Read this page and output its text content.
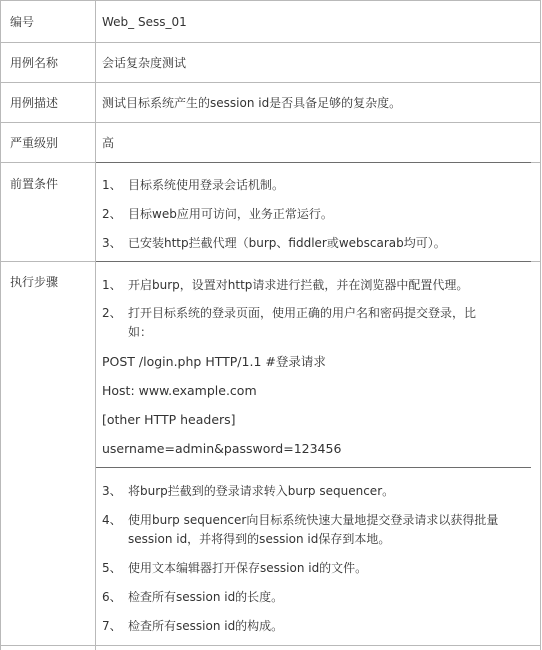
编号	Web_ Sess_01
用例名称	会话复杂度测试
用例描述	测试目标系统产生的session id是否具备足够的复杂度。
严重级别	高
前置条件	1、 目标系统使用登录会话机制。
2、 目标web应用可访问，业务正常运行。
3、 已安装http拦截代理（burp、fiddler或webscarab均可）。
执行步骤	1、 开启burp，设置对http请求进行拦截，并在浏览器中配置代理。
2、 打开目标系统的登录页面，使用正确的用户名和密码提交登录，比
如：
POST /login.php HTTP/1.1 #登录请求
Host: www.example.com
[other HTTP headers]
username=admin&password=123456
3、 将burp拦截到的登录请求转入burp sequencer。
4、 使用burp sequencer向目标系统快速大量地提交登录请求以获得批量
session id，并将得到的session id保存到本地。
5、 使用文本编辑器打开保存session id的文件。
6、 检查所有session id的长度。
7、 检查所有session id的构成。
